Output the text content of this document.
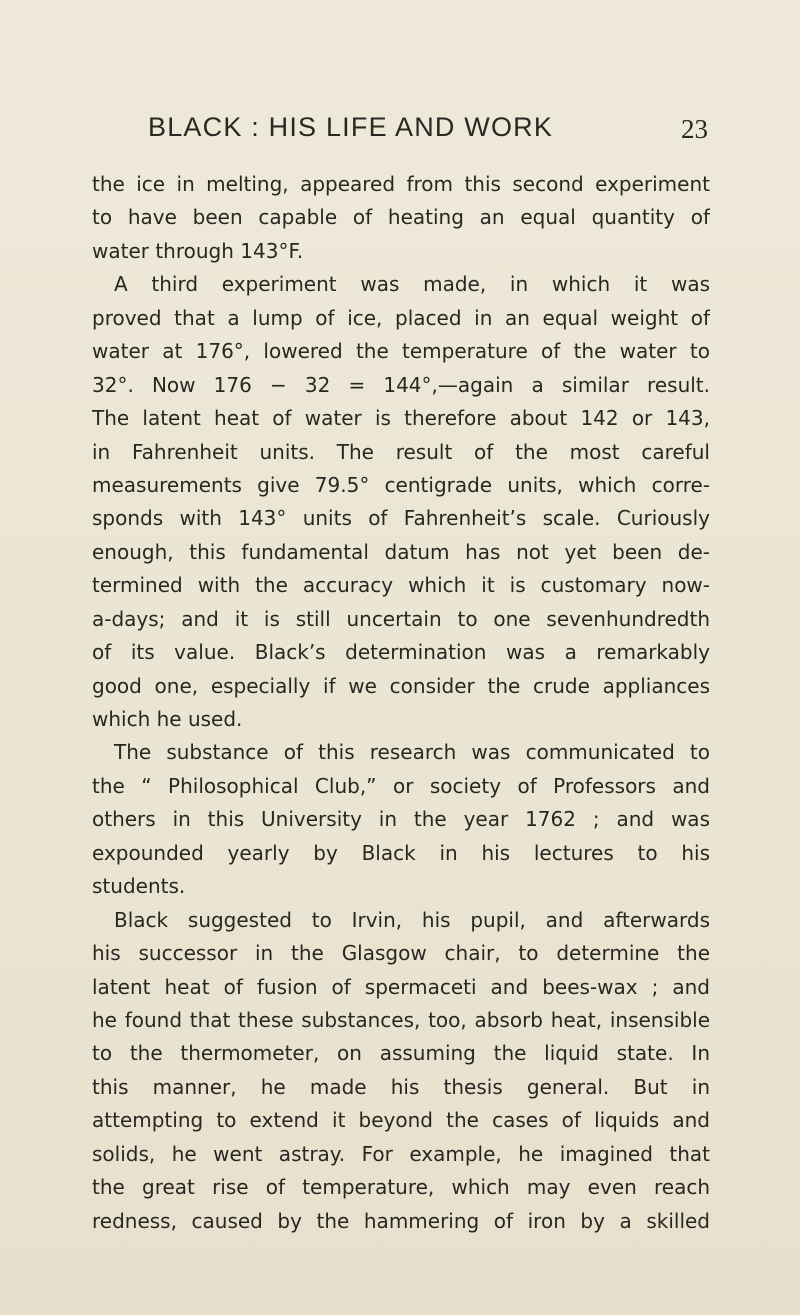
BLACK : HIS LIFE AND WORK	23
the ice in melting, appeared from this second experiment
to have been capable of heating an equal quantity of
water through 143°F.
A third experiment was made, in which it was
proved that a lump of ice, placed in an equal weight of
water at 176°, lowered the temperature of the water to
32°. Now 176 − 32 = 144°,—again a similar result.
The latent heat of water is therefore about 142 or 143,
in Fahrenheit units. The result of the most careful
measurements give 79.5° centigrade units, which corre-
sponds with 143° units of Fahrenheit’s scale. Curiously
enough, this fundamental datum has not yet been de-
termined with the accuracy which it is customary now-
a-days; and it is still uncertain to one sevenhundredth
of its value. Black’s determination was a remarkably
good one, especially if we consider the crude appliances
which he used.
The substance of this research was communicated to
the “ Philosophical Club,” or society of Professors and
others in this University in the year 1762 ; and was
expounded yearly by Black in his lectures to his
students.
Black suggested to Irvin, his pupil, and afterwards
his successor in the Glasgow chair, to determine the
latent heat of fusion of spermaceti and bees-wax ; and
he found that these substances, too, absorb heat, insensible
to the thermometer, on assuming the liquid state. In
this manner, he made his thesis general. But in
attempting to extend it beyond the cases of liquids and
solids, he went astray. For example, he imagined that
the great rise of temperature, which may even reach
redness, caused by the hammering of iron by a skilled
